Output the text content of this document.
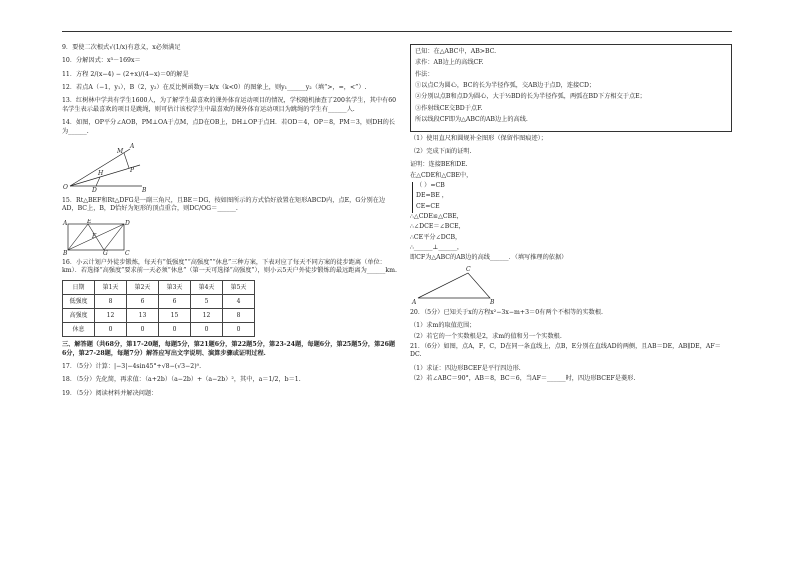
9．要使二次根式√(1/x)有意义，x必须满足
10．分解因式：x³－169x＝
11．方程 2/(x−4) − (2+x)/(4−x)＝0的解是
12．若点A（−1，y₁），B（2，y₂）在反比例函数y＝k/x（k<0）的图象上，则y₁______y₂（填“>，=，<”）.
13．红树林中学共有学生1600人，为了解学生最喜欢的课外体育运动项目的情况，学校随机抽查了200名学生，其中有60名学生表示最喜欢的项目是跳绳，则可估计该校学生中最喜欢的课外体育运动项目为跳绳的学生有______人.
14．如图，OP平分∠AOB，PM⊥OA于点M，点D在OB上，DH⊥OP于点H．若OD＝4，OP＝8，PM＝3，则DH的长为______.
O
A
B
M
P
H
D
15．Rt△BEF和Rt△DFG是一副三角尺，且BE＝DG，按如图所示的方式恰好放置在矩形ABCD内，点E，G分别在边AD，BC上，B，D恰好为矩形的顶点重合，则DC/OG＝______.
A	E	D
B	G	C
F
16．小云计划户外徒步锻炼，每天有“低强度”“高强度”“休息”三种方案，下表对应了每天不同方案的徒步距离（单位：km）．若选择“高强度”要求前一天必须“休息”（第一天可选择“高强度”），则小云5天户外徒步锻炼的最远距离为______km.
日期	第1天	第2天	第3天	第4天	第5天
低强度	8	6	6	5	4
高强度	12	13	15	12	8
休息	0	0	0	0	0
三、解答题（共68分，第17-20题，每题5分，第21题6分，第22题5分，第23-24题，每题6分，第25题5分，第26题6分，第27-28题，每题7分）解答应写出文字说明、演算步骤或证明过程.
17．（5分）计算：|−3|−4sin45°+√8−(√3−2)⁰.
18．（5分）先化简，再求值：（a+2b）（a−2b）+（a−2b）²，其中，a＝1/2，b＝1.
19．（5分）阅读材料并解决问题：
已知：在△ABC中，AB>BC.
求作：AB边上的高线CF.
作法：
①以点C为圆心，BC的长为半径作弧，交AB边于点D，连接CD；
②分别以点B和点D为圆心，大于½BD的长为半径作弧，两弧在BD下方相交于点E；
③作射线CE交BD于点F.
所以线段CF即为△ABC的AB边上的高线.
（1）使用直尺和圆规补全图形（保留作图痕迹）；
（2）完成下面的证明.
证明：连接BE和DE.
在△CDE和△CBE中，
（ ）=CB
DE=BE ，
CE=CE
∴△CDE≌△CBE，
∴∠DCE＝∠BCE，
∴CE平分∠DCB，
∴______⊥______，
即CF为△ABC的AB边的高线______．（填写推理的依据）
A	B
C
20．（5分）已知关于x的方程x²−3x−m+3＝0有两个不相等的实数根.
（1）求m的取值范围；
（2）若它的一个实数根是2，求m的值和另一个实数根.
21．（6分）如图，点A，F，C，D在同一条直线上，点B，E分别在直线AD的两侧，且AB＝DE，AB∥DE，AF＝DC.
（1）求证：四边形BCEF是平行四边形.
（2）若∠ABC＝90°，AB＝8，BC＝6，当AF＝______时，四边形BCEF是菱形.
